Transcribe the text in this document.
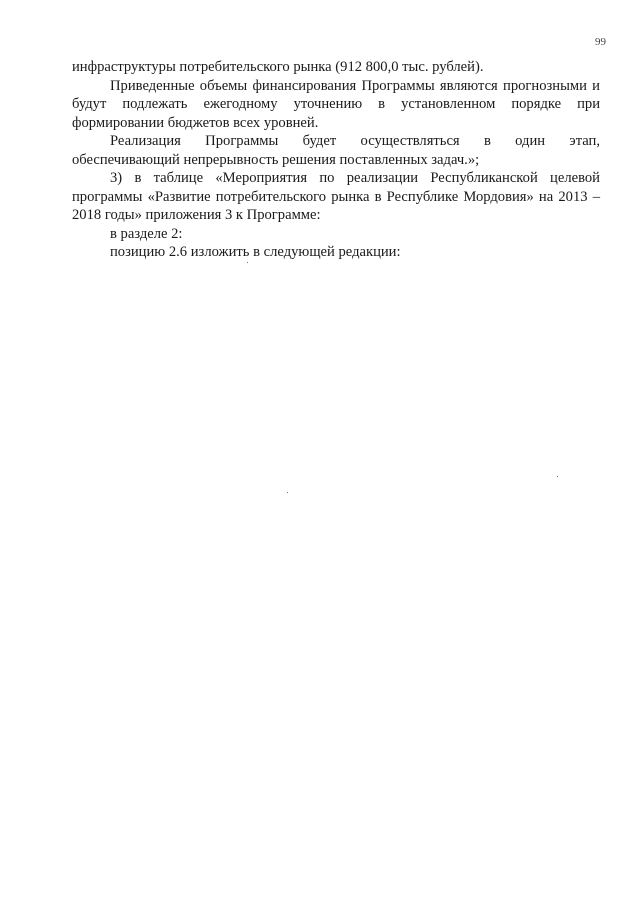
99

инфраструктуры потребительского рынка (912 800,0 тыс. рублей).

Приведенные объемы финансирования Программы являются прогнозными и будут подлежать ежегодному уточнению в установленном порядке при формировании бюджетов всех уровней.

Реализация Программы будет осуществляться в один этап,

обеспечивающий непрерывность решения поставленных задач.»;

3) в таблице «Мероприятия по реализации Республиканской целевой программы «Развитие потребительского рынка в Республике Мордовия» на 2013 – 2018 годы» приложения 3 к Программе:

в разделе 2:

позицию 2.6 изложить в следующей редакции:
